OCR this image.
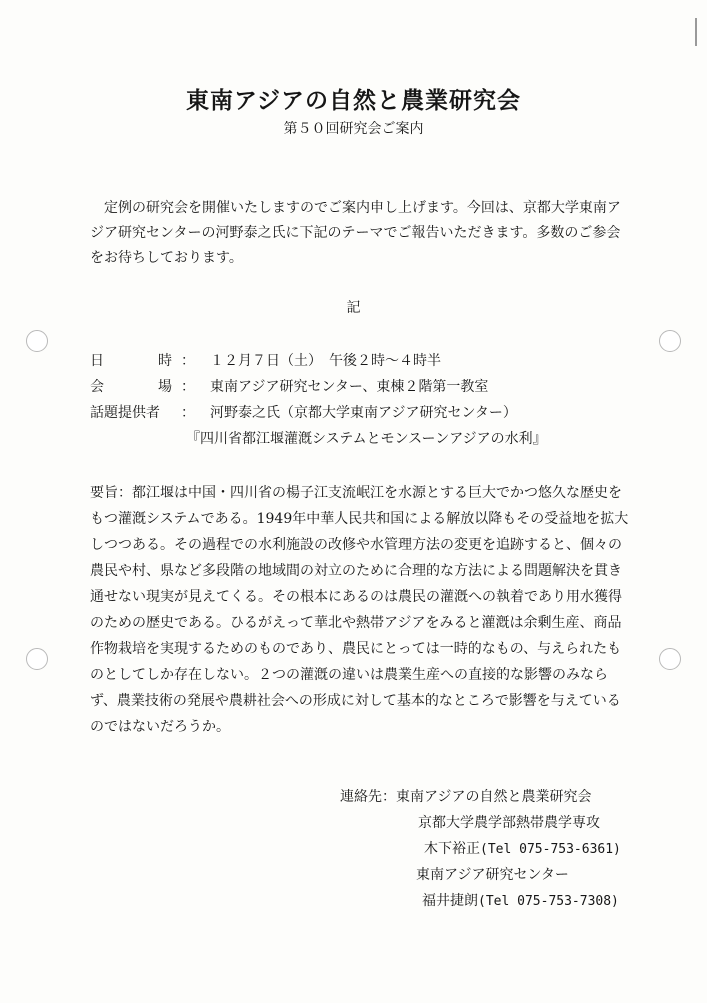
東南アジアの自然と農業研究会
第５０回研究会ご案内

定例の研究会を開催いたしますのでご案内申し上げます。今回は、京都大学東南アジア研究センターの河野泰之氏に下記のテーマでご報告いただきます。多数のご参会をお待ちしております。

記
日	時 ： １２月７日（土）　午後２時～４時半
会	場 ： 東南アジア研究センター、東棟２階第一教室
話題提供者	： 河野泰之氏（京都大学東南アジア研究センター）
『四川省都江堰灌漑システムとモンスーンアジアの水利』

要旨：都江堰は中国・四川省の楊子江支流岷江を水源とする巨大でかつ悠久な歴史をもつ灌漑システムである。1949年中華人民共和国による解放以降もその受益地を拡大しつつある。その過程での水利施設の改修や水管理方法の変更を追跡すると、個々の農民や村、県など多段階の地域間の対立のために合理的な方法による問題解決を貫き通せない現実が見えてくる。その根本にあるのは農民の灌漑への執着であり用水獲得のための歴史である。ひるがえって華北や熱帯アジアをみると灌漑は余剰生産、商品作物栽培を実現するためのものであり、農民にとっては一時的なもの、与えられたものとしてしか存在しない。２つの灌漑の違いは農業生産への直接的な影響のみならず、農業技術の発展や農耕社会への形成に対して基本的なところで影響を与えているのではないだろうか。

連絡先：東南アジアの自然と農業研究会
京都大学農学部熱帯農学専攻
木下裕正(Tel 075-753-6361)
東南アジア研究センター
福井捷朗(Tel 075-753-7308)
